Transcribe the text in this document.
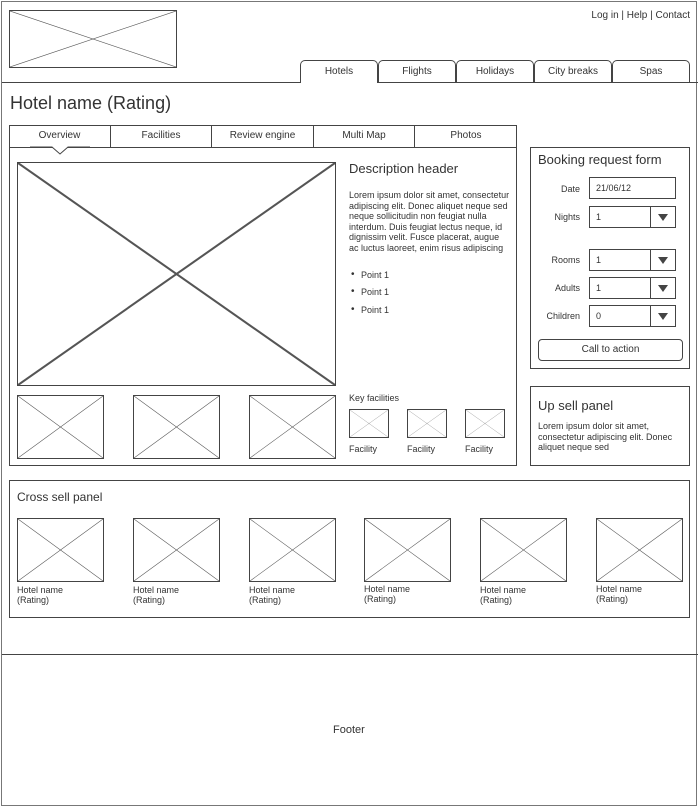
Log in | Help | Contact
Hotels	Flights	Holidays	City breaks	Spas
Hotel name (Rating)
Overview	Facilities	Review engine	Multi Map	Photos
Description header
Lorem ipsum dolor sit amet, consectetur adipiscing elit. Donec aliquet neque sed neque sollicitudin non feugiat nulla interdum. Duis feugiat lectus neque, id dignissim velit. Fusce placerat, augue ac luctus laoreet, enim risus adipiscing
• Point 1
• Point 1
• Point 1
Key facilities
Facility	Facility	Facility
Booking request form
Date	21/06/12
Nights	1
Rooms	1
Adults	1
Children	0
Call to action
Up sell panel
Lorem ipsum dolor sit amet, consectetur adipiscing elit. Donec aliquet neque sed
Cross sell panel
Hotel name
(Rating)
Hotel name
(Rating)
Hotel name
(Rating)
Hotel name
(Rating)
Hotel name
(Rating)
Hotel name
(Rating)
Footer
